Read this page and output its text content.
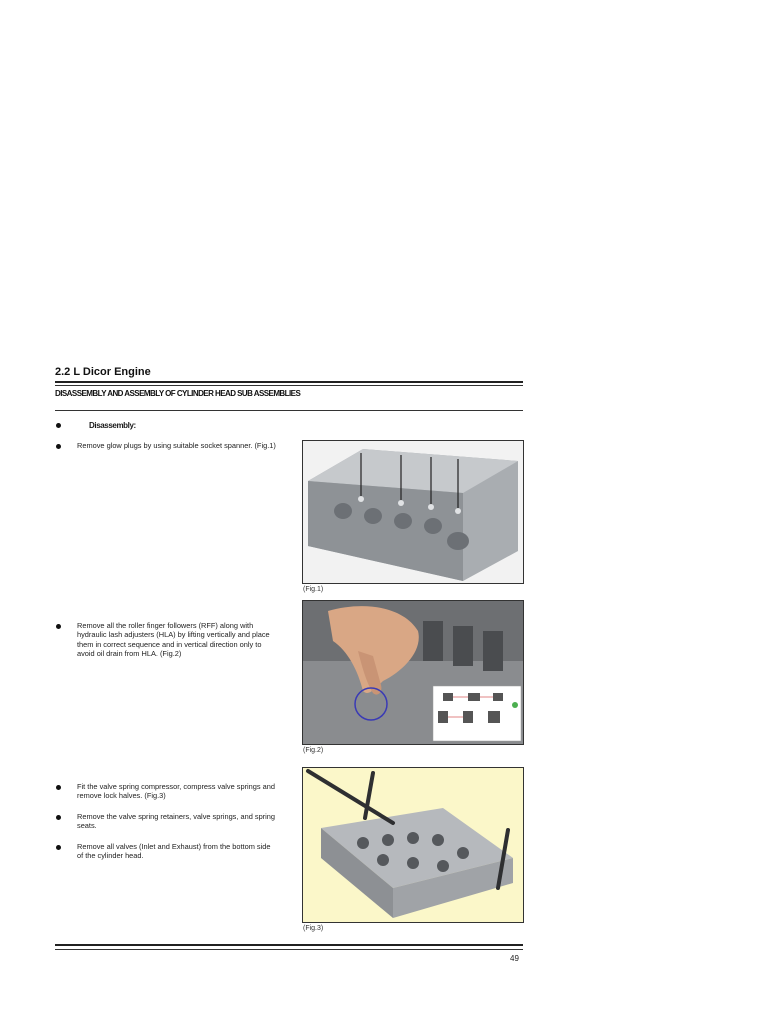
2.2 L Dicor Engine
DISASSEMBLY AND ASSEMBLY OF CYLINDER HEAD SUB ASSEMBLIES
Disassembly:
Remove glow plugs by using suitable socket spanner. (Fig.1)
Remove all the roller finger followers (RFF) along with hydraulic lash adjusters (HLA) by lifting vertically and place them in correct sequence and in vertical direction only to avoid oil drain from HLA. (Fig.2)
Fit the valve spring compressor, compress valve springs and remove lock halves. (Fig.3)
Remove the valve spring retainers, valve springs, and spring seats.
Remove all valves (Inlet and Exhaust) from the bottom side of the cylinder head.
(Fig.1)
(Fig.2)
(Fig.3)
49
